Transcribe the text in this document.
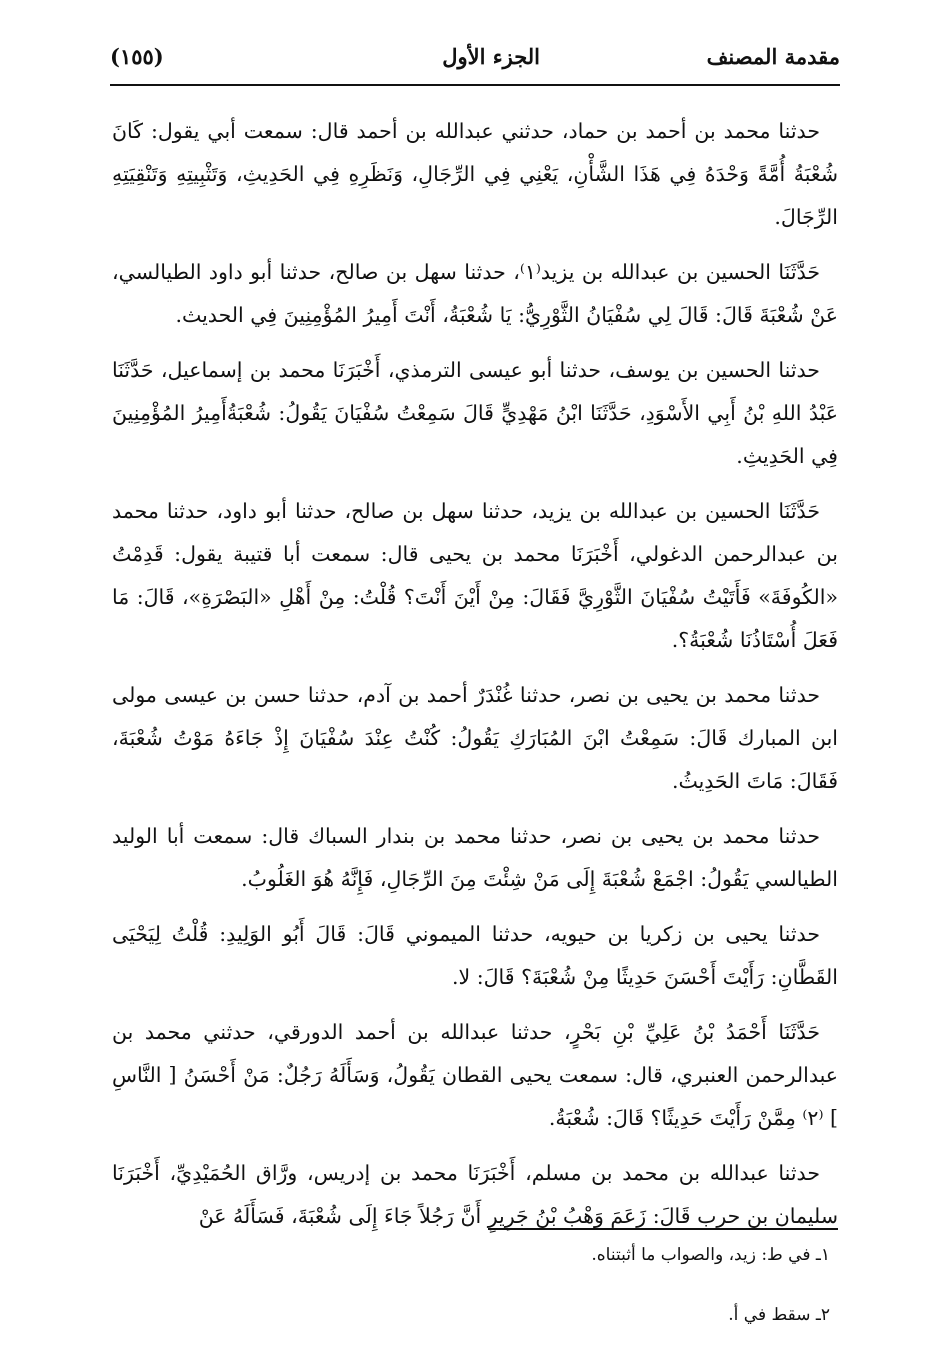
مقدمة المصنف
الجزء الأول
(١٥٥)

حدثنا محمد بن أحمد بن حماد، حدثني عبدالله بن أحمد قال: سمعت أبي يقول: كَانَ شُعْبَةُ أُمَّةً وَحْدَهُ فِي هَذَا الشَّأْنِ، يَعْنِي فِي الرِّجَالِ، وَنَظَرِهِ فِي الحَدِيثِ، وَتَثْبِيتِهِ وَتَنْقِيَتِهِ الرِّجَالَ.

حَدَّثَنَا الحسين بن عبدالله بن يزيد⁽١⁾، حدثنا سهل بن صالح، حدثنا أبو داود الطيالسي، عَنْ شُعْبَةَ قَالَ: قَالَ لِي سُفْيَانُ الثَّوْرِيُّ: يَا شُعْبَةُ، أَنْتَ أَمِيرُ المُؤْمِنِينَ فِي الحديث.

حدثنا الحسين بن يوسف، حدثنا أبو عيسى الترمذي، أَخْبَرَنَا محمد بن إسماعيل، حَدَّثَنَا عَبْدُ اللهِ بْنُ أَبِي الأَسْوَدِ، حَدَّثَنَا ابْنُ مَهْدِيٍّ قَالَ سَمِعْتُ سُفْيَانَ يَقُولُ: شُعْبَةُأَمِيرُ المُؤْمِنِينَ فِي الحَدِيثِ.

حَدَّثَنَا الحسين بن عبدالله بن يزيد، حدثنا سهل بن صالح، حدثنا أبو داود، حدثنا محمد بن عبدالرحمن الدغولي، أَخْبَرَنَا محمد بن يحيى قال: سمعت أبا قتيبة يقول: قَدِمْتُ «الكُوفَةَ» فَأَتَيْتُ سُفْيَانَ الثَّوْرِيَّ فَقَالَ: مِنْ أَيْنَ أَنْتَ؟ قُلْتُ: مِنْ أَهْلِ «البَصْرَةِ»، قَالَ: مَا فَعَلَ أُسْتَاذُنَا شُعْبَةُ؟.

حدثنا محمد بن يحيى بن نصر، حدثنا غُنْدَرٌ أحمد بن آدم، حدثنا حسن بن عيسى مولى ابن المبارك قَالَ: سَمِعْتُ ابْنَ المُبَارَكِ يَقُولُ: كُنْتُ عِنْدَ سُفْيَانَ إِذْ جَاءَهُ مَوْتُ شُعْبَةَ، فَقَالَ: مَاتَ الحَدِيثُ.

حدثنا محمد بن يحيى بن نصر، حدثنا محمد بن بندار السباك قال: سمعت أبا الوليد الطيالسي يَقُولُ: اجْمَعْ شُعْبَةَ إِلَى مَنْ شِئْتَ مِنَ الرِّجَالِ، فَإِنَّهُ هُوَ الغَلُوبُ.

حدثنا يحيى بن زكريا بن حيويه، حدثنا الميموني قَالَ: قَالَ أَبُو الوَلِيدِ: قُلْتُ لِيَحْيَى القَطَّانِ: رَأَيْتَ أَحْسَنَ حَدِيثًا مِنْ شُعْبَةَ؟ قَالَ: لا.

حَدَّثَنَا أَحْمَدُ بْنُ عَلِيِّ بْنِ بَحْرٍ، حدثنا عبدالله بن أحمد الدورقي، حدثني محمد بن عبدالرحمن العنبري، قال: سمعت يحيى القطان يَقُولُ، وَسَأَلَهُ رَجُلٌ: مَنْ أَحْسَنُ [ النَّاسِ ] ⁽٢⁾ مِمَّنْ رَأَيْتَ حَدِيثًا؟ قَالَ: شُعْبَةُ.

حدثنا عبدالله بن محمد بن مسلم، أَخْبَرَنَا محمد بن إدريس، ورَّاق الحُمَيْدِيِّ، أَخْبَرَنَا سليمان بن حرب قَالَ: زَعَمَ وَهْبُ بْنُ جَرِيرٍ أَنَّ رَجُلاً جَاءَ إِلَى شُعْبَةَ، فَسَأَلَهُ عَنْ

١ـ في ط: زيد، والصواب ما أثبتناه.

٢ـ سقط في أ.
